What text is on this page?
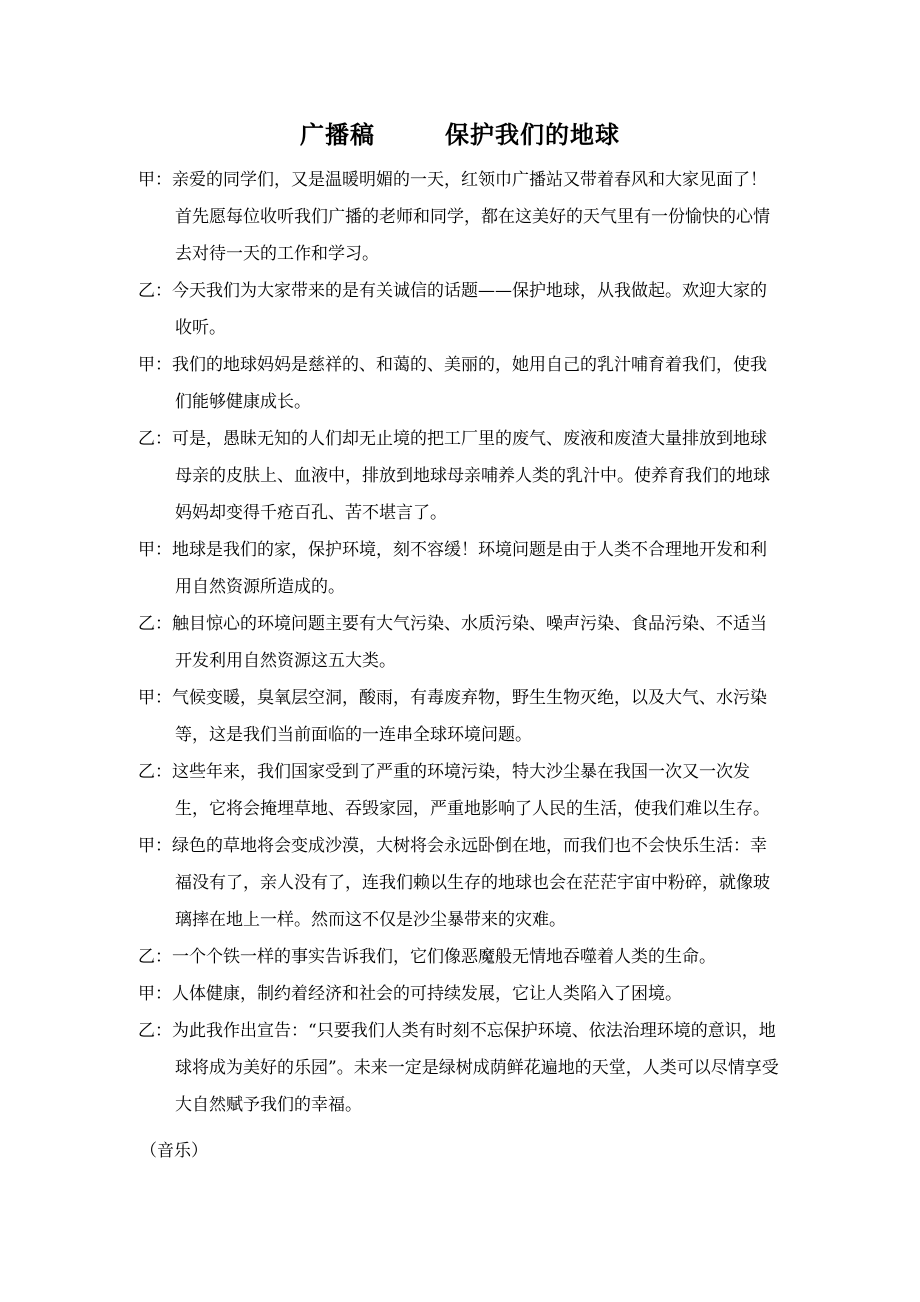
广播稿	保护我们的地球

甲：亲爱的同学们，又是温暖明媚的一天，红领巾广播站又带着春风和大家见面了！首先愿每位收听我们广播的老师和同学，都在这美好的天气里有一份愉快的心情去对待一天的工作和学习。

乙：今天我们为大家带来的是有关诚信的话题——保护地球，从我做起。欢迎大家的收听。

甲：我们的地球妈妈是慈祥的、和蔼的、美丽的，她用自己的乳汁哺育着我们，使我们能够健康成长。

乙：可是，愚昧无知的人们却无止境的把工厂里的废气、废液和废渣大量排放到地球母亲的皮肤上、血液中，排放到地球母亲哺养人类的乳汁中。使养育我们的地球妈妈却变得千疮百孔、苦不堪言了。

甲：地球是我们的家，保护环境，刻不容缓！环境问题是由于人类不合理地开发和利用自然资源所造成的。

乙：触目惊心的环境问题主要有大气污染、水质污染、噪声污染、食品污染、不适当开发利用自然资源这五大类。

甲：气候变暖，臭氧层空洞，酸雨，有毒废弃物，野生生物灭绝，以及大气、水污染等，这是我们当前面临的一连串全球环境问题。

乙：这些年来，我们国家受到了严重的环境污染，特大沙尘暴在我国一次又一次发生，它将会掩埋草地、吞毁家园，严重地影响了人民的生活，使我们难以生存。

甲：绿色的草地将会变成沙漠，大树将会永远卧倒在地，而我们也不会快乐生活：幸福没有了，亲人没有了，连我们赖以生存的地球也会在茫茫宇宙中粉碎，就像玻璃摔在地上一样。然而这不仅是沙尘暴带来的灾难。

乙：一个个铁一样的事实告诉我们，它们像恶魔般无情地吞噬着人类的生命。

甲：人体健康，制约着经济和社会的可持续发展，它让人类陷入了困境。

乙：为此我作出宣告：“只要我们人类有时刻不忘保护环境、依法治理环境的意识，地球将成为美好的乐园”。未来一定是绿树成荫鲜花遍地的天堂，人类可以尽情享受大自然赋予我们的幸福。

（音乐）
